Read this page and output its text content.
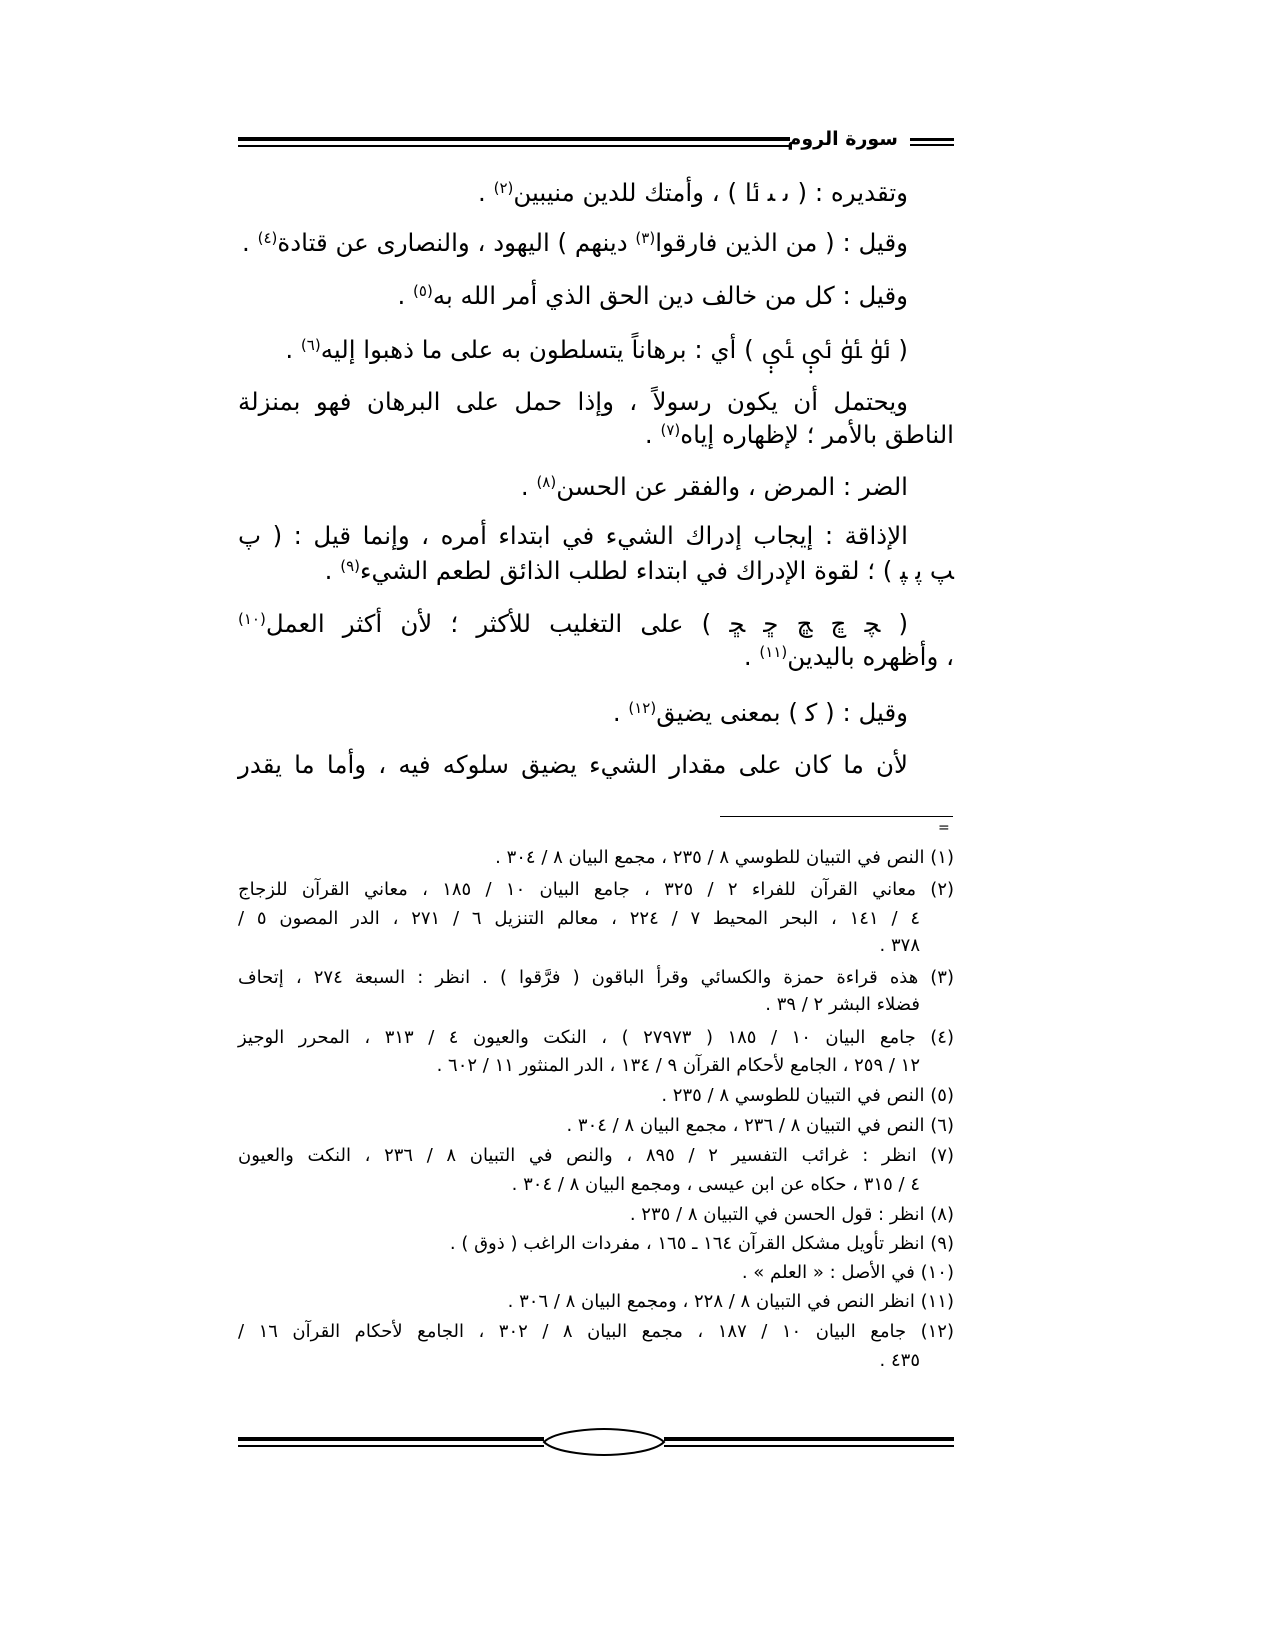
سورة الروم
وتقديره : ( ﯨ ﯩ ﯪ ) ، وأمتك للدين منيبين$^{(٢)}$ .
وقيل : ( من الذين فارقوا$^{(٣)}$ دينهم ) اليهود ، والنصارى عن قتادة$^{(٤)}$ .
وقيل : كل من خالف دين الحق الذي أمر الله به$^{(٥)}$ .
( ﯴ ﯵ ﯶ ﯷ ) أي : برهاناً يتسلطون به على ما ذهبوا إليه$^{(٦)}$ .
ويحتمل أن يكون رسولاً ، وإذا حمل على البرهان فهو بمنزلة
الناطق بالأمر ؛ لإظهاره إياه$^{(٧)}$ .
الضر : المرض ، والفقر عن الحسن$^{(٨)}$ .
الإذاقة : إيجاب إدراك الشيء في ابتداء أمره ، وإنما قيل : ( ﭖ
ﭗ ﭘ ﭙ ) ؛ لقوة الإدراك في ابتداء لطلب الذائق لطعم الشيء$^{(٩)}$ .
( ﭽ ﭾ ﭿ ﮀ ﮁ ) على التغليب للأكثر ؛ لأن أكثر العمل$^{(١٠)}$
، وأظهره باليدين$^{(١١)}$ .
وقيل : ( ﮐ ) بمعنى يضيق$^{(١٢)}$ .
لأن ما كان على مقدار الشيء يضيق سلوكه فيه ، وأما ما يقدر
=
(١) النص في التبيان للطوسي ٨ / ٢٣٥ ، مجمع البيان ٨ / ٣٠٤ .
(٢) معاني القرآن للفراء ٢ / ٣٢٥ ، جامع البيان ١٠ / ١٨٥ ، معاني القرآن للزجاج
٤ / ١٤١ ، البحر المحيط ٧ / ٢٢٤ ، معالم التنزيل ٦ / ٢٧١ ، الدر المصون ٥ /
٣٧٨ .
(٣) هذه قراءة حمزة والكسائي وقرأ الباقون ( فرَّقوا ) . انظر : السبعة ٢٧٤ ، إتحاف
فضلاء البشر ٢ / ٣٩ .
(٤) جامع البيان ١٠ / ١٨٥ ( ٢٧٩٧٣ ) ، النكت والعيون ٤ / ٣١٣ ، المحرر الوجيز
١٢ / ٢٥٩ ، الجامع لأحكام القرآن ٩ / ١٣٤ ، الدر المنثور ١١ / ٦٠٢ .
(٥) النص في التبيان للطوسي ٨ / ٢٣٥ .
(٦) النص في التبيان ٨ / ٢٣٦ ، مجمع البيان ٨ / ٣٠٤ .
(٧) انظر : غرائب التفسير ٢ / ٨٩٥ ، والنص في التبيان ٨ / ٢٣٦ ، النكت والعيون
٤ / ٣١٥ ، حكاه عن ابن عيسى ، ومجمع البيان ٨ / ٣٠٤ .
(٨) انظر : قول الحسن في التبيان ٨ / ٢٣٥ .
(٩) انظر تأويل مشكل القرآن ١٦٤ ـ ١٦٥ ، مفردات الراغب ( ذوق ) .
(١٠) في الأصل : « العلم » .
(١١) انظر النص في التبيان ٨ / ٢٢٨ ، ومجمع البيان ٨ / ٣٠٦ .
(١٢) جامع البيان ١٠ / ١٨٧ ، مجمع البيان ٨ / ٣٠٢ ، الجامع لأحكام القرآن ١٦ /
٤٣٥ .
